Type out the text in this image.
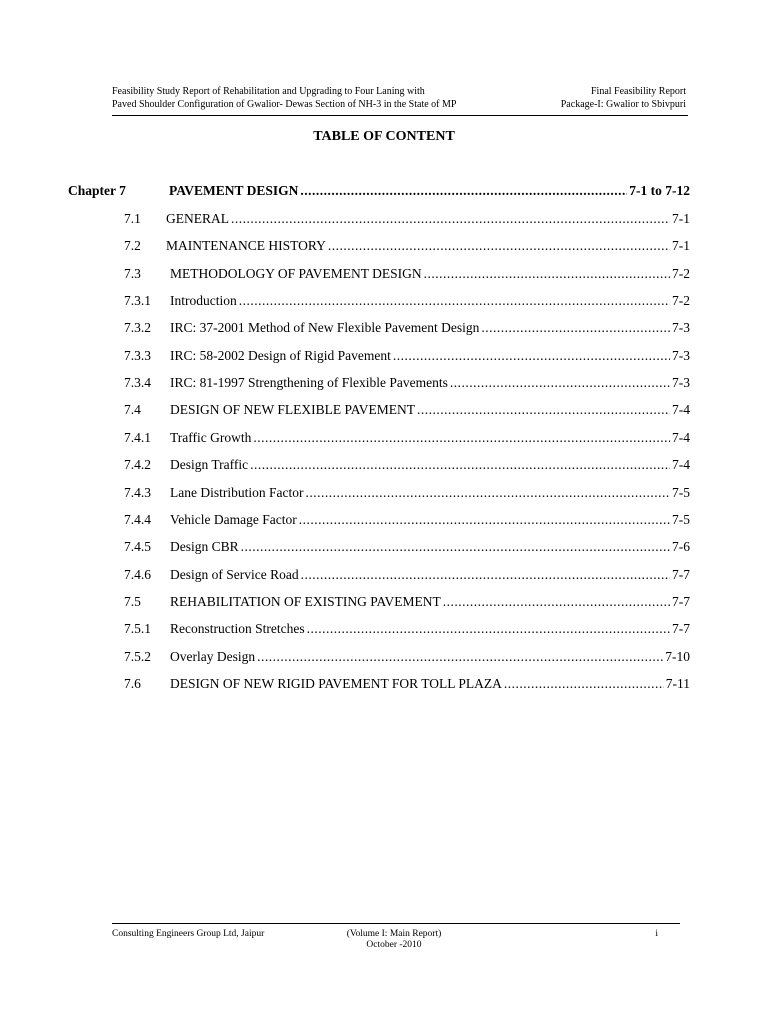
Feasibility Study Report of Rehabilitation and Upgrading to Four Laning with
Paved Shoulder Configuration of Gwalior- Dewas Section of NH-3 in the State of MP
Final Feasibility Report
Package-I: Gwalior to Sbivpuri
TABLE OF CONTENT
Chapter 7	PAVEMENT DESIGN .....	7-1 to 7-12
7.1 GENERAL .....	7-1
7.2 MAINTENANCE HISTORY .....	7-1
7.3 METHODOLOGY OF PAVEMENT DESIGN .....	7-2
7.3.1 Introduction .....	7-2
7.3.2 IRC: 37-2001 Method of New Flexible Pavement Design .....	7-3
7.3.3 IRC: 58-2002 Design of Rigid Pavement .....	7-3
7.3.4 IRC: 81-1997 Strengthening of Flexible Pavements .....	7-3
7.4 DESIGN OF NEW FLEXIBLE PAVEMENT .....	7-4
7.4.1 Traffic Growth .....	7-4
7.4.2 Design Traffic .....	7-4
7.4.3 Lane Distribution Factor .....	7-5
7.4.4 Vehicle Damage Factor .....	7-5
7.4.5 Design CBR .....	7-6
7.4.6 Design of Service Road .....	7-7
7.5 REHABILITATION OF EXISTING PAVEMENT .....	7-7
7.5.1 Reconstruction Stretches .....	7-7
7.5.2 Overlay Design .....	7-10
7.6 DESIGN OF NEW RIGID PAVEMENT FOR TOLL PLAZA .....	7-11
Consulting Engineers Group Ltd, Jaipur	(Volume I: Main Report)
October -2010
i
